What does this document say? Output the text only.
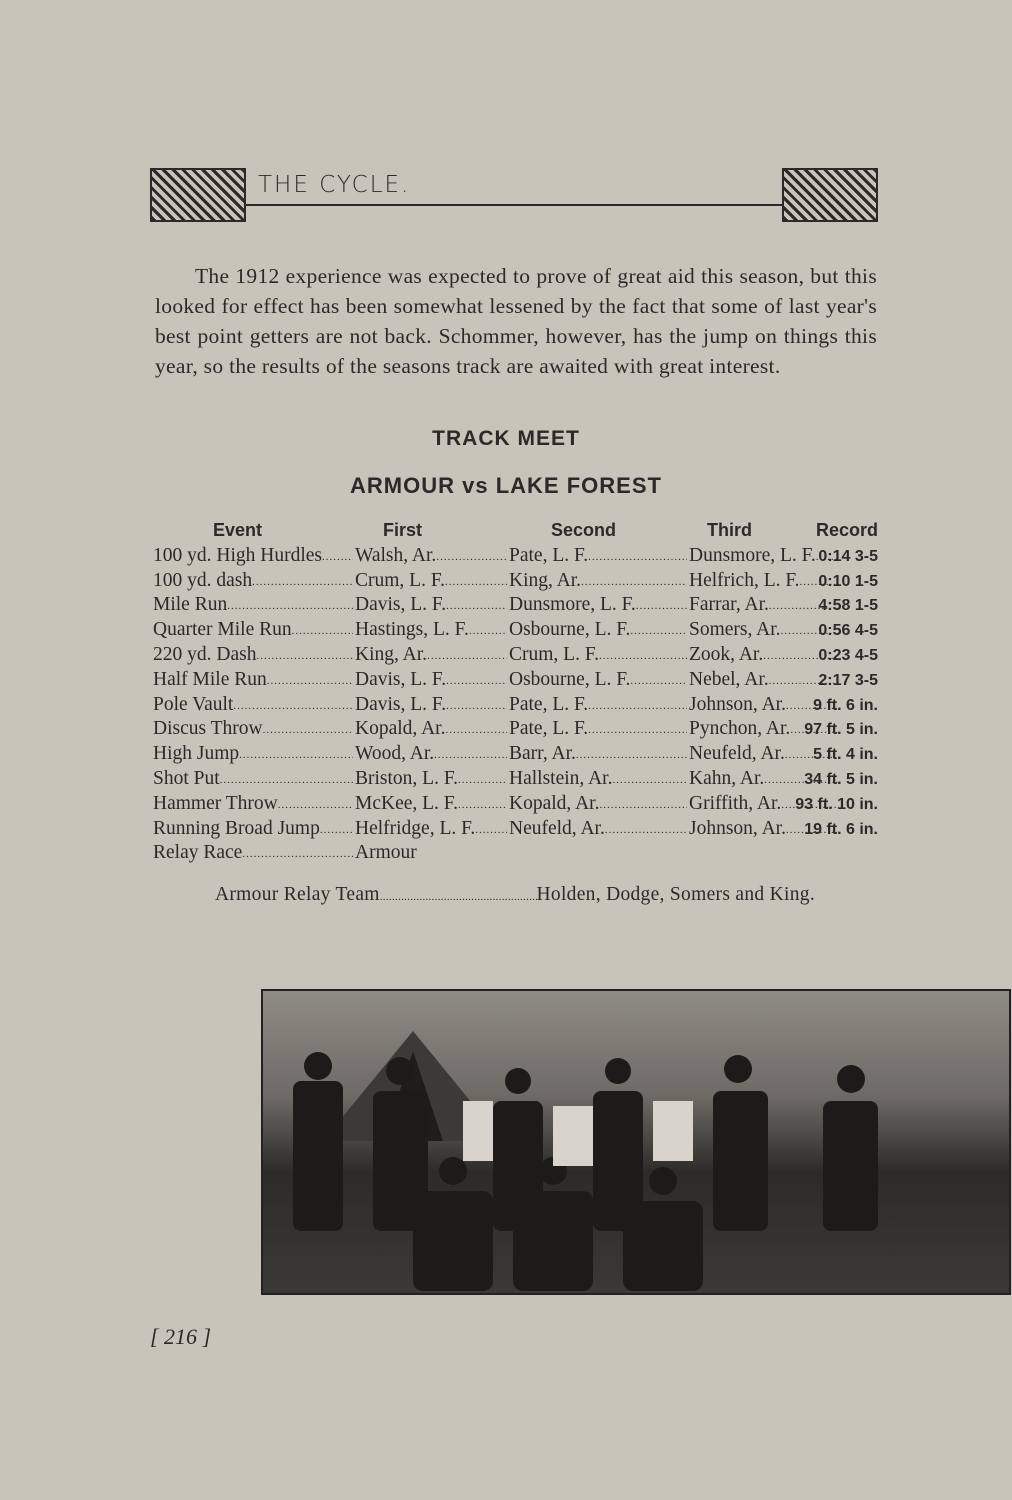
THE CYCLE.

The 1912 experience was expected to prove of great aid this season, but this looked for effect has been somewhat lessened by the fact that some of last year's best point getters are not back. Schommer, however, has the jump on things this year, so the results of the seasons track are awaited with great interest.

TRACK MEET
ARMOUR vs LAKE FOREST
Event	First	Second	Third	Record
100 yd. High Hurdles ..... Walsh, Ar. .....	Pate, L. F. .....	Dunsmore, L. F. ..... 0:14 3-5
100 yd. dash .....	Crum, L. F. .....	King, Ar. .....	Helfrich, L. F. ..... 0:10 1-5
Mile Run .....	Davis, L. F. .....	Dunsmore, L. F. .....	Farrar, Ar. .....	4:58 1-5
Quarter Mile Run .....	Hastings, L. F. ..... Osbourne, L. F. .....	Somers, Ar. ..... 0:56 4-5
220 yd. Dash .....	King, Ar. .....	Crum, L. F. .....	Zook, Ar. .....	0:23 4-5
Half Mile Run .....	Davis, L. F. .....	Osbourne, L. F. .....	Nebel, Ar. .....	2:17 3-5
Pole Vault .....	Davis, L. F. .....	Pate, L. F. .....	Johnson, Ar. ..... 9 ft. 6 in.
Discus Throw .....	Kopald, Ar. .....	Pate, L. F. .....	Pynchon, Ar. ..... 97 ft. 5 in.
High Jump .....	Wood, Ar. .....	Barr, Ar. .....	Neufeld, Ar. ..... 5 ft. 4 in.
Shot Put .....	Briston, L. F. .....	Hallstein, Ar. .....	Kahn, Ar. ..... 34 ft. 5 in.
Hammer Throw .....	McKee, L. F. .....	Kopald, Ar. .....	Griffith, Ar. ..... 93 ft. 10 in.
Running Broad Jump ..... Helfridge, L. F. ..... Neufeld, Ar. .....	Johnson, Ar. ..... 19 ft. 6 in.
Relay Race .....	Armour
Armour Relay Team .....	Holden, Dodge, Somers and King.
[ 216 ]
